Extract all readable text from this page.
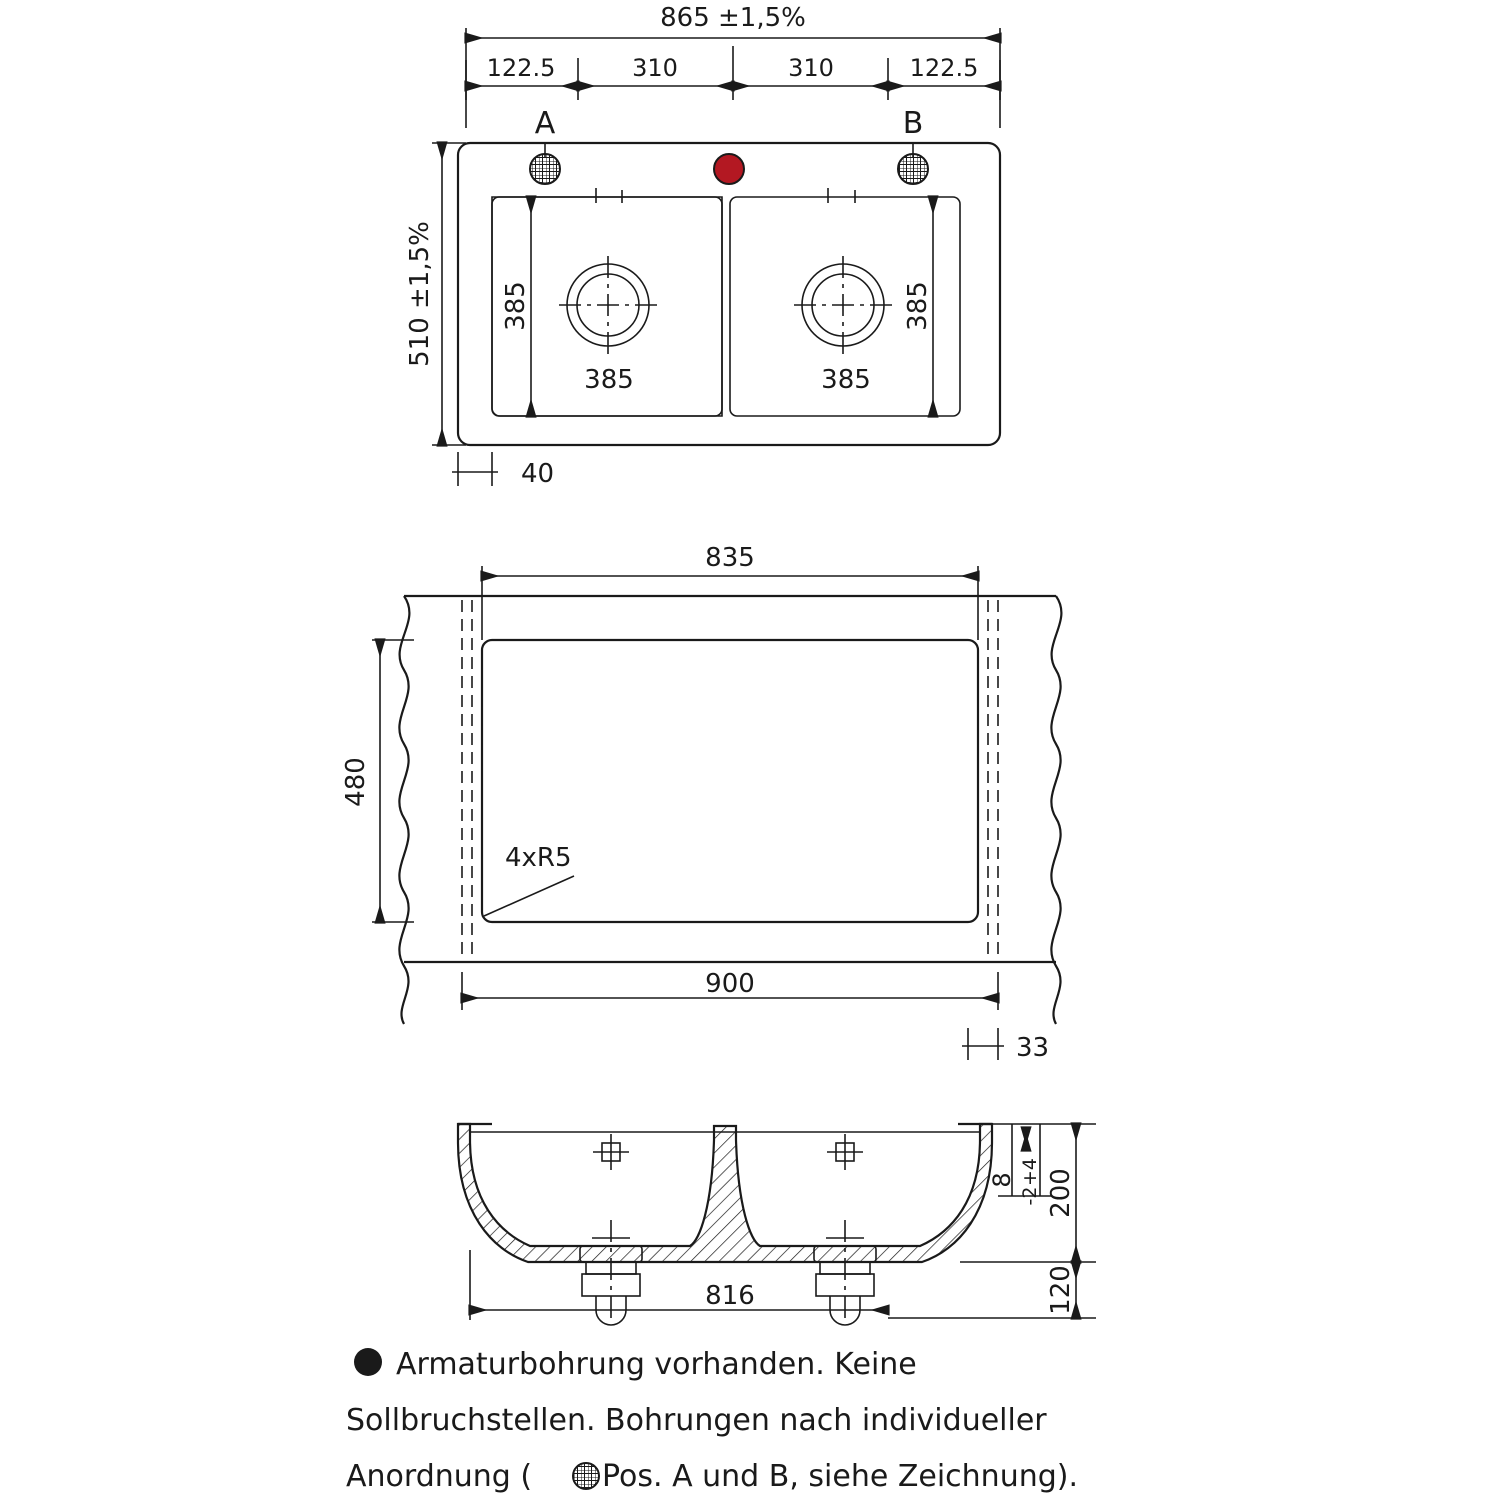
865 ±1,5%
122.5	310	310	122.5
A	B
510 ±1,5%	385	385
385	385
40
835
480
4xR5
900
33
200
120
8 +4
-2
816
Armaturbohrung vorhanden. Keine
Sollbruchstellen. Bohrungen nach individueller
Anordnung ( Pos. A und B, siehe Zeichnung).
